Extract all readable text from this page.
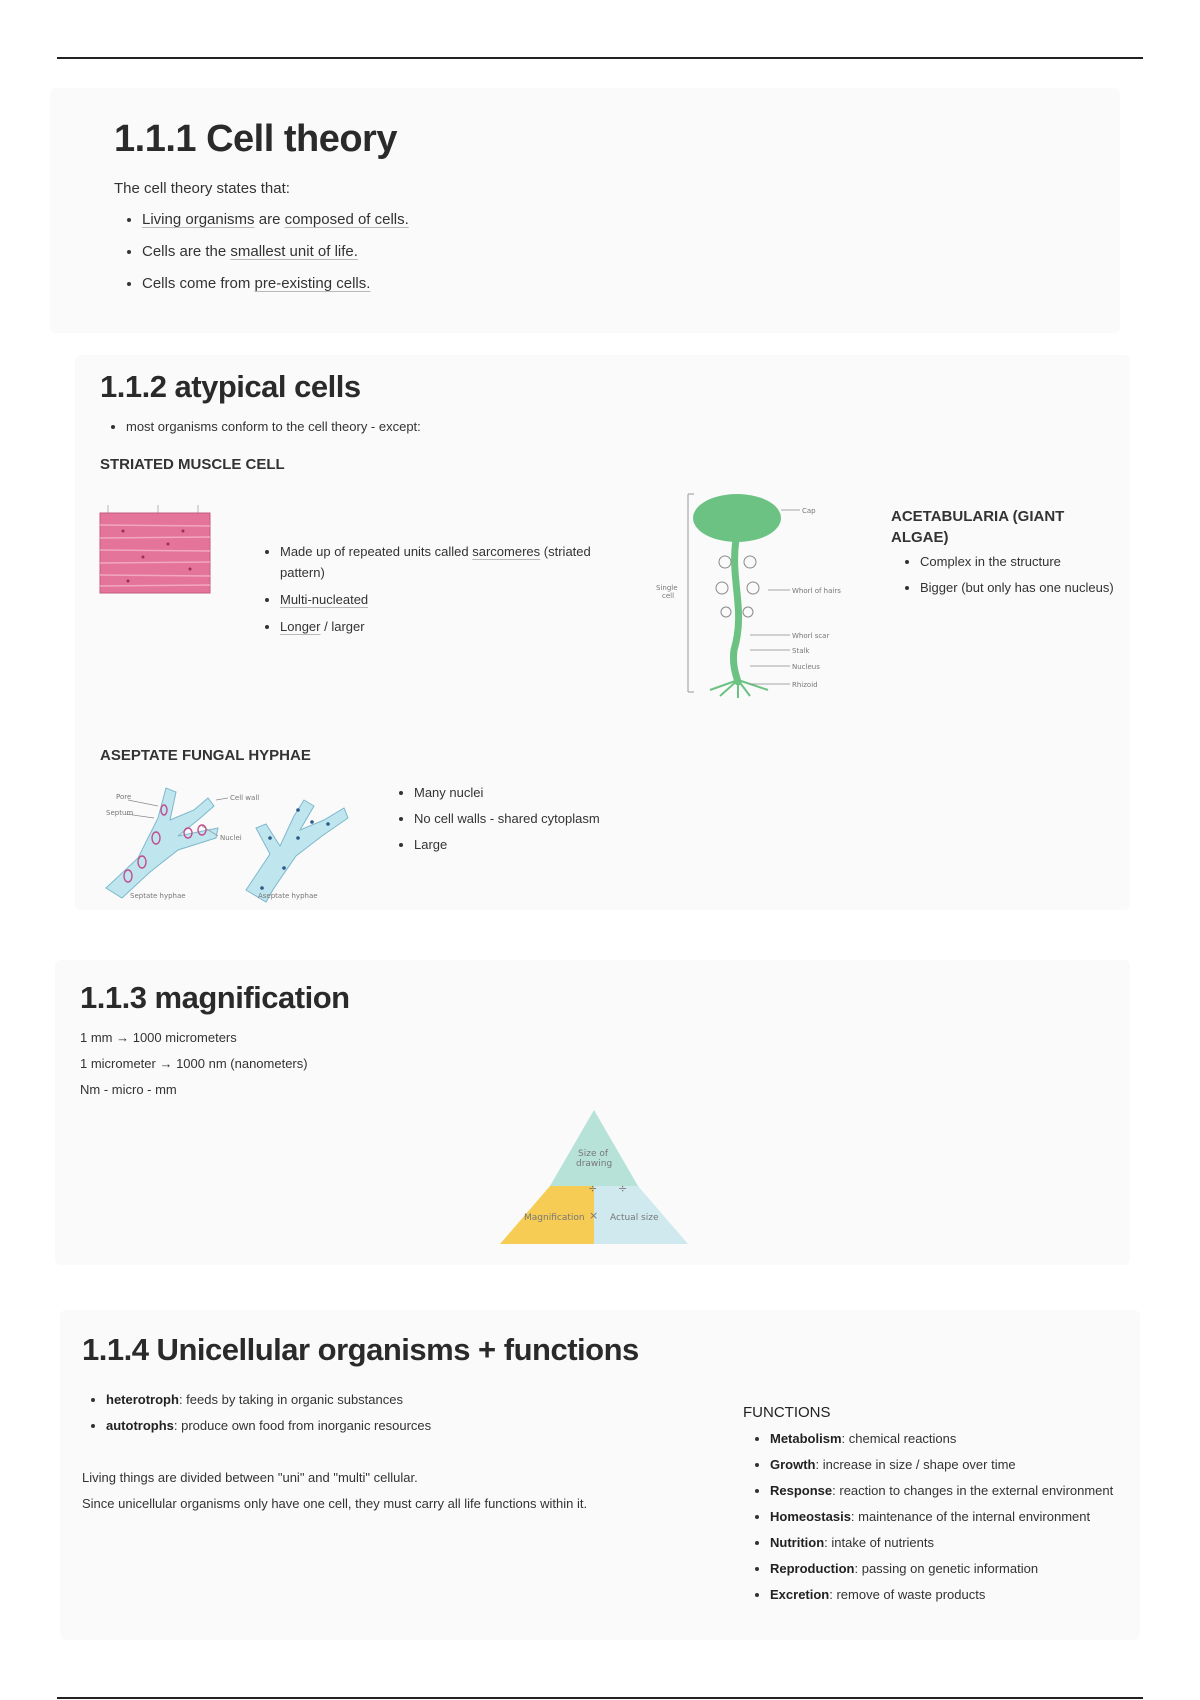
1.1.1 Cell theory
The cell theory states that:
• Living organisms are composed of cells.
• Cells are the smallest unit of life.
• Cells come from pre-existing cells.
1.1.2 atypical cells
• most organisms conform to the cell theory - except:
STRIATED MUSCLE CELL
• Made up of repeated units called sarcomeres (striated pattern)
• Multi-nucleated
• Longer / larger
Cap
Whorl of hairs
Whorl scar
Stalk
Nucleus
Rhizoid
Single
cell
ACETABULARIA (GIANT ALGAE)
• Complex in the structure
• Bigger (but only has one nucleus)
ASEPTATE FUNGAL HYPHAE
Pore
Septum
Cell wall
Nuclei
Septate hyphae	Aseptate hyphae
• Many nuclei
• No cell walls - shared cytoplasm
• Large
1.1.3 magnification
1 mm → 1000 micrometers
1 micrometer → 1000 nm (nanometers)
Nm - micro - mm
Size of
drawing
Magnification	Actual size
÷ ÷
×
1.1.4 Unicellular organisms + functions
• heterotroph: feeds by taking in organic substances
• autotrophs: produce own food from inorganic resources
Living things are divided between "uni" and "multi" cellular.
Since unicellular organisms only have one cell, they must carry all life functions within it.
FUNCTIONS
• Metabolism: chemical reactions
• Growth: increase in size / shape over time
• Response: reaction to changes in the external environment
• Homeostasis: maintenance of the internal environment
• Nutrition: intake of nutrients
• Reproduction: passing on genetic information
• Excretion: remove of waste products
